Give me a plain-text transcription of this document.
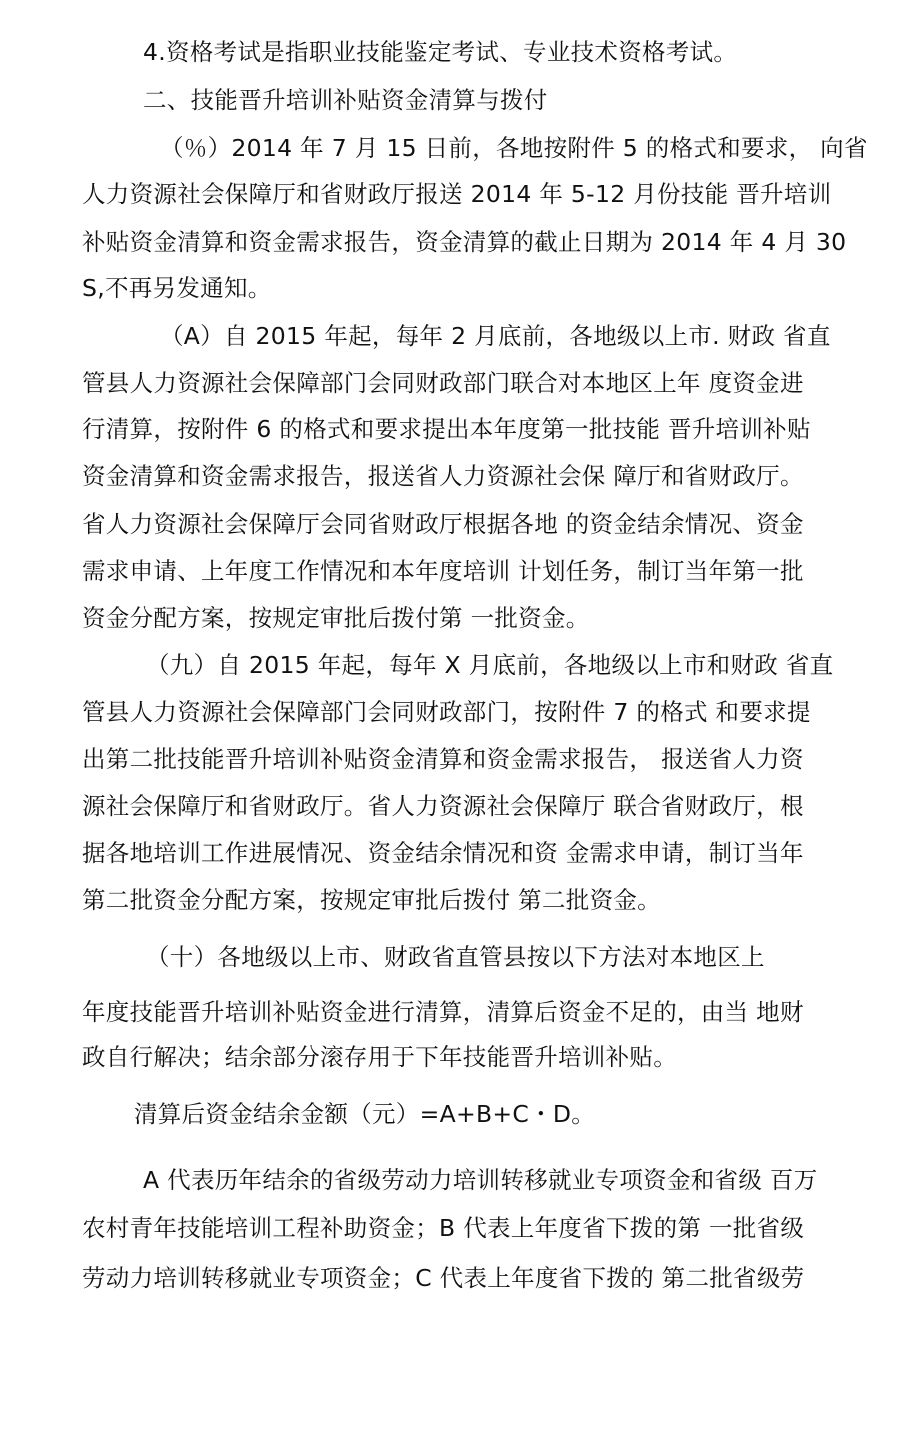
4.资格考试是指职业技能鉴定考试、专业技术资格考试。
二、技能晋升培训补贴资金清算与拨付
（％）2014 年 7 月 15 日前，各地按附件 5 的格式和要求， 向省
人力资源社会保障厅和省财政厅报送 2014 年 5-12 月份技能 晋升培训
补贴资金清算和资金需求报告，资金清算的截止日期为 2014 年 4 月 30
S,不再另发通知。
（A）自 2015 年起，每年 2 月底前，各地级以上市. 财政 省直
管县人力资源社会保障部门会同财政部门联合对本地区上年 度资金进
行清算，按附件 6 的格式和要求提出本年度第一批技能 晋升培训补贴
资金清算和资金需求报告，报送省人力资源社会保 障厅和省财政厅。
省人力资源社会保障厅会同省财政厅根据各地 的资金结余情况、资金
需求申请、上年度工作情况和本年度培训 计划任务，制订当年第一批
资金分配方案，按规定审批后拨付第 一批资金。
（九）自 2015 年起，每年 X 月底前，各地级以上市和财政 省直
管县人力资源社会保障部门会同财政部门，按附件 7 的格式 和要求提
出第二批技能晋升培训补贴资金清算和资金需求报告， 报送省人力资
源社会保障厅和省财政厅。省人力资源社会保障厅 联合省财政厅，根
据各地培训工作进展情况、资金结余情况和资 金需求申请，制订当年
第二批资金分配方案，按规定审批后拨付 第二批资金。
（十）各地级以上市、财政省直管县按以下方法对本地区上
年度技能晋升培训补贴资金进行清算，清算后资金不足的，由当 地财
政自行解决；结余部分滚存用于下年技能晋升培训补贴。
清算后资金结余金额（元）=A+B+C・D。
A 代表历年结余的省级劳动力培训转移就业专项资金和省级 百万
农村青年技能培训工程补助资金；B 代表上年度省下拨的第 一批省级
劳动力培训转移就业专项资金；C 代表上年度省下拨的 第二批省级劳
